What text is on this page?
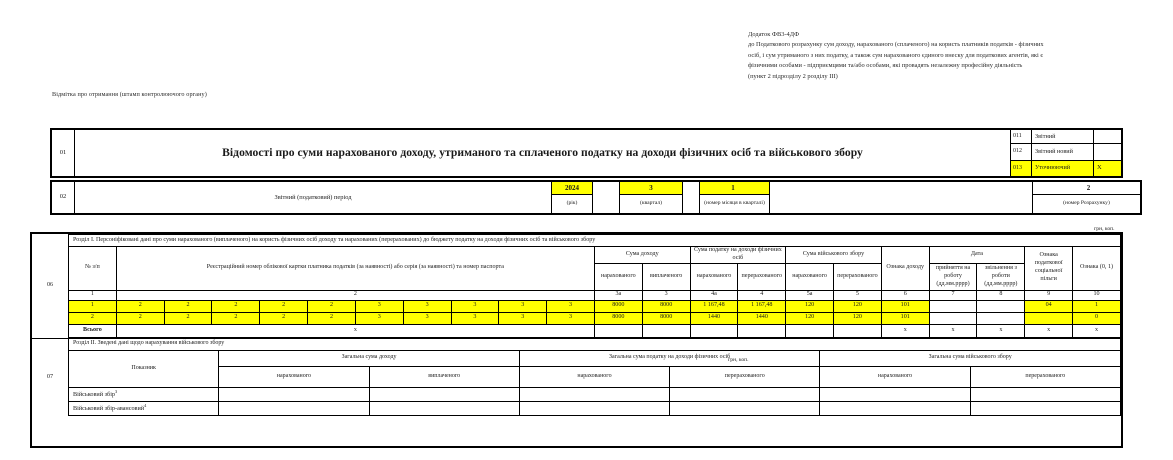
Додаток ФВ3-4ДФ
до Податкового розрахунку сум доходу, нарахованого (сплаченого) на користь платників податків - фізичних
осіб, і сум утриманого з них податку, а також сум нарахованого єдиного внеску для податкових агентів, які є
фізичними особами - підприємцями та/або особами, які провадять незалежну професійну діяльність
(пункт 2 підрозділу 2 розділу III)
Відмітка про отримання (штамп контролюючого органу)
01	Відомості про суми нарахованого доходу, утриманого та сплаченого податку на доходи фізичних осіб та військового збору	011	Звітний	
		012	Звітний новий	
		013	Уточнюючий	X
02	Звітний (податковий) період	2024		3		1		2
		(рік)		(квартал)		(номер місяця в кварталі)		(номер Розрахунку)
грн, коп.
06	Розділ I. Персоніфіковані дані про суми нарахованого (виплаченого) на користь фізичних осіб доходу та нарахованих (перерахованих) до бюджету податку на доходи фізичних осіб та військового збору																					
	№ з/п	Реєстраційний номер облікової картки платника податків (за наявності) або серія (за наявності) та номер паспорта										Сума доходу		Сума податку на доходи фізичних осіб		Сума військового збору		Ознака доходу	Дата		Ознака податкової соціальної пільги	Ознака (0, 1)
												нарахованого	виплаченого	нарахованого	перерахованого	нарахованого	перерахованого		прийняття на роботу (дд.мм.рррр)	звільнення з роботи (дд.мм.рррр)		
	1	2										3а	3	4а	4	5а	5	6	7	8	9	10
	1	2	2	2	2	2	3	3	3	3	3	8000	8000	1 167,48	1 167,48	120	120	101			04	1
	2	2	2	2	2	2	3	3	3	3	3	8000	8000	1440	1440	120	120	101				0
	Всього	x																x	x	x	x	x
07	Розділ II. Зведені дані щодо нарахування військового збору						
	Показник	Загальна сума доходу		Загальна сума податку на доходи фізичних осіб		Загальна сума військового збору	
		нарахованого	виплаченого	нарахованого	перерахованого	нарахованого	перерахованого
	Військовий збір$^3$						
	Військовий збір-авансовий$^4$						
грн, коп.
